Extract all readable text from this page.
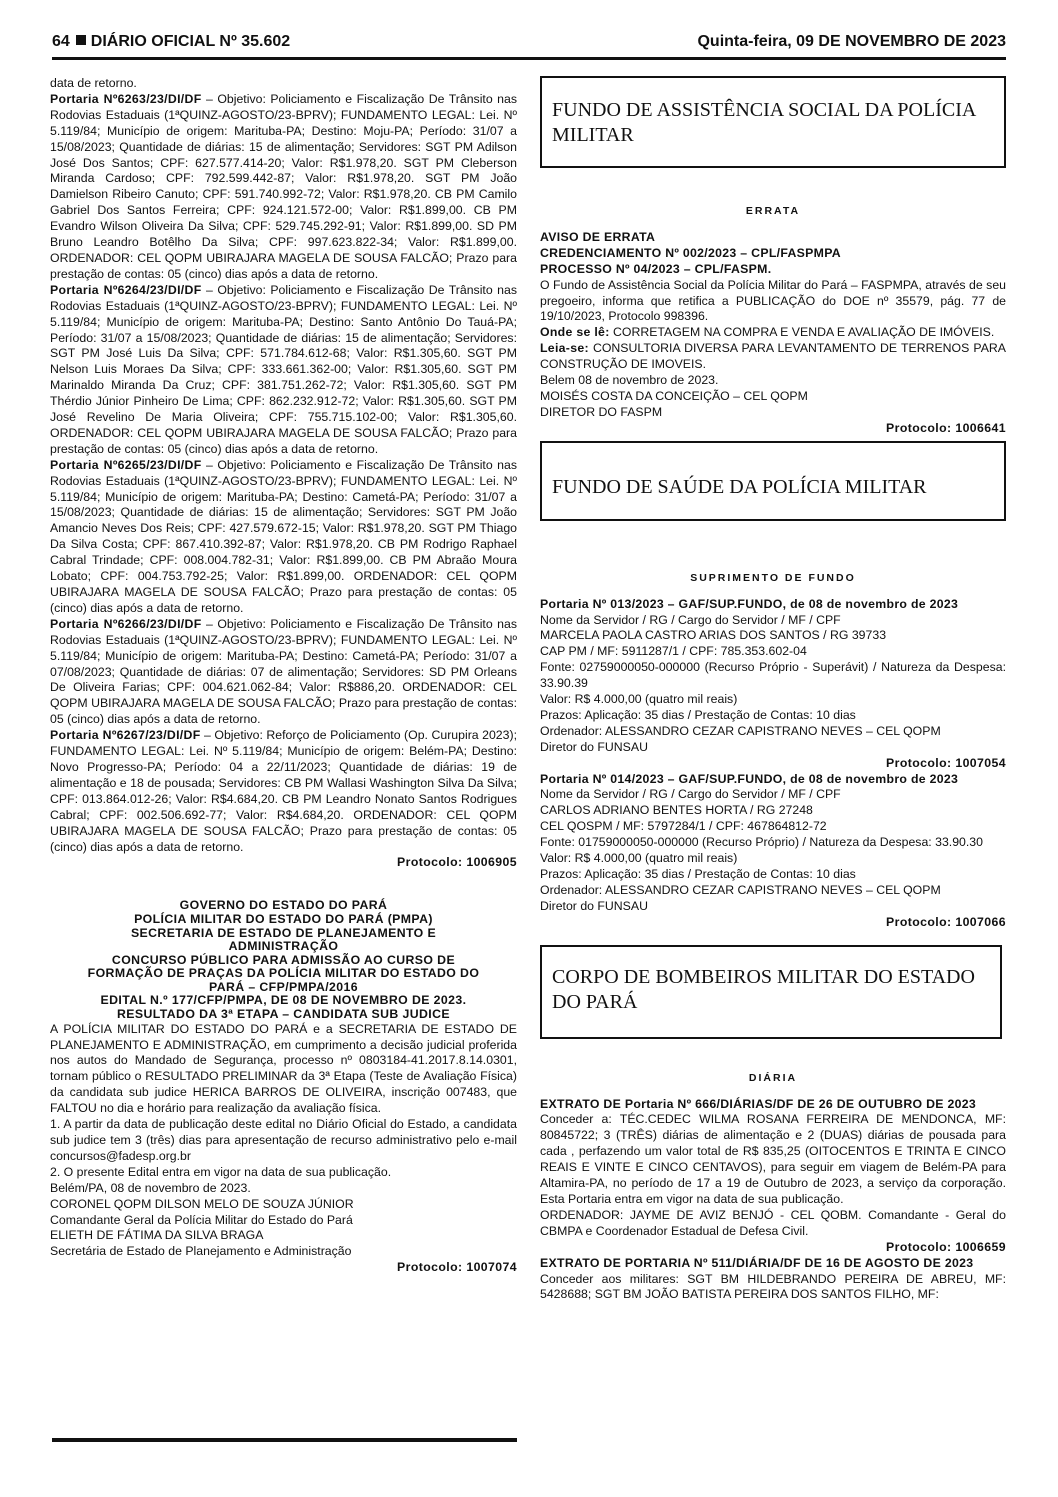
64 DIÁRIO OFICIAL Nº 35.602	Quinta-feira, 09 DE NOVEMBRO DE 2023

data de retorno.

Portaria Nº6263/23/DI/DF – Objetivo: Policiamento e Fiscalização De Trânsito nas Rodovias Estaduais (1ªQUINZ-AGOSTO/23-BPRV); FUNDAMENTO LEGAL: Lei. Nº 5.119/84; Município de origem: Marituba-PA; Destino: Moju-PA; Período: 31/07 a 15/08/2023; Quantidade de diárias: 15 de alimentação; Servidores: SGT PM Adilson José Dos Santos; CPF: 627.577.414-20; Valor: R$1.978,20. SGT PM Cleberson Miranda Cardoso; CPF: 792.599.442-87; Valor: R$1.978,20. SGT PM João Damielson Ribeiro Canuto; CPF: 591.740.992-72; Valor: R$1.978,20. CB PM Camilo Gabriel Dos Santos Ferreira; CPF: 924.121.572-00; Valor: R$1.899,00. CB PM Evandro Wilson Oliveira Da Silva; CPF: 529.745.292-91; Valor: R$1.899,00. SD PM Bruno Leandro Botêlho Da Silva; CPF: 997.623.822-34; Valor: R$1.899,00. ORDENADOR: CEL QOPM UBIRAJARA MAGELA DE SOUSA FALCÃO; Prazo para prestação de contas: 05 (cinco) dias após a data de retorno.

Portaria Nº6264/23/DI/DF – Objetivo: Policiamento e Fiscalização De Trânsito nas Rodovias Estaduais (1ªQUINZ-AGOSTO/23-BPRV); FUNDAMENTO LEGAL: Lei. Nº 5.119/84; Município de origem: Marituba-PA; Destino: Santo Antônio Do Tauá-PA; Período: 31/07 a 15/08/2023; Quantidade de diárias: 15 de alimentação; Servidores: SGT PM José Luis Da Silva; CPF: 571.784.612-68; Valor: R$1.305,60. SGT PM Nelson Luis Moraes Da Silva; CPF: 333.661.362-00; Valor: R$1.305,60. SGT PM Marinaldo Miranda Da Cruz; CPF: 381.751.262-72; Valor: R$1.305,60. SGT PM Thérdio Júnior Pinheiro De Lima; CPF: 862.232.912-72; Valor: R$1.305,60. SGT PM José Revelino De Maria Oliveira; CPF: 755.715.102-00; Valor: R$1.305,60. ORDENADOR: CEL QOPM UBIRAJARA MAGELA DE SOUSA FALCÃO; Prazo para prestação de contas: 05 (cinco) dias após a data de retorno.

Portaria Nº6265/23/DI/DF – Objetivo: Policiamento e Fiscalização De Trânsito nas Rodovias Estaduais (1ªQUINZ-AGOSTO/23-BPRV); FUNDAMENTO LEGAL: Lei. Nº 5.119/84; Município de origem: Marituba-PA; Destino: Cametá-PA; Período: 31/07 a 15/08/2023; Quantidade de diárias: 15 de alimentação; Servidores: SGT PM João Amancio Neves Dos Reis; CPF: 427.579.672-15; Valor: R$1.978,20. SGT PM Thiago Da Silva Costa; CPF: 867.410.392-87; Valor: R$1.978,20. CB PM Rodrigo Raphael Cabral Trindade; CPF: 008.004.782-31; Valor: R$1.899,00. CB PM Abraão Moura Lobato; CPF: 004.753.792-25; Valor: R$1.899,00. ORDENADOR: CEL QOPM UBIRAJARA MAGELA DE SOUSA FALCÃO; Prazo para prestação de contas: 05 (cinco) dias após a data de retorno.

Portaria Nº6266/23/DI/DF – Objetivo: Policiamento e Fiscalização De Trânsito nas Rodovias Estaduais (1ªQUINZ-AGOSTO/23-BPRV); FUNDAMENTO LEGAL: Lei. Nº 5.119/84; Município de origem: Marituba-PA; Destino: Cametá-PA; Período: 31/07 a 07/08/2023; Quantidade de diárias: 07 de alimentação; Servidores: SD PM Orleans De Oliveira Farias; CPF: 004.621.062-84; Valor: R$886,20. ORDENADOR: CEL QOPM UBIRAJARA MAGELA DE SOUSA FALCÃO; Prazo para prestação de contas: 05 (cinco) dias após a data de retorno.

Portaria Nº6267/23/DI/DF – Objetivo: Reforço de Policiamento (Op. Curupira 2023); FUNDAMENTO LEGAL: Lei. Nº 5.119/84; Município de origem: Belém-PA; Destino: Novo Progresso-PA; Período: 04 a 22/11/2023; Quantidade de diárias: 19 de alimentação e 18 de pousada; Servidores: CB PM Wallasi Washington Silva Da Silva; CPF: 013.864.012-26; Valor: R$4.684,20. CB PM Leandro Nonato Santos Rodrigues Cabral; CPF: 002.506.692-77; Valor: R$4.684,20. ORDENADOR: CEL QOPM UBIRAJARA MAGELA DE SOUSA FALCÃO; Prazo para prestação de contas: 05 (cinco) dias após a data de retorno.

Protocolo: 1006905

GOVERNO DO ESTADO DO PARÁ
POLÍCIA MILITAR DO ESTADO DO PARÁ (PMPA)
SECRETARIA DE ESTADO DE PLANEJAMENTO E
ADMINISTRAÇÃO
CONCURSO PÚBLICO PARA ADMISSÃO AO CURSO DE
FORMAÇÃO DE PRAÇAS DA POLÍCIA MILITAR DO ESTADO DO
PARÁ – CFP/PMPA/2016
EDITAL N.º 177/CFP/PMPA, DE 08 DE NOVEMBRO DE 2023.
RESULTADO DA 3ª ETAPA – CANDIDATA SUB JUDICE

A POLÍCIA MILITAR DO ESTADO DO PARÁ e a SECRETARIA DE ESTADO DE PLANEJAMENTO E ADMINISTRAÇÃO, em cumprimento a decisão judicial proferida nos autos do Mandado de Segurança, processo nº 0803184-41.2017.8.14.0301, tornam público o RESULTADO PRELIMINAR da 3ª Etapa (Teste de Avaliação Física) da candidata sub judice HERICA BARROS DE OLIVEIRA, inscrição 007483, que FALTOU no dia e horário para realização da avaliação física.

1. A partir da data de publicação deste edital no Diário Oficial do Estado, a candidata sub judice tem 3 (três) dias para apresentação de recurso administrativo pelo e-mail concursos@fadesp.org.br

2. O presente Edital entra em vigor na data de sua publicação.

Belém/PA, 08 de novembro de 2023.

CORONEL QOPM DILSON MELO DE SOUZA JÚNIOR

Comandante Geral da Polícia Militar do Estado do Pará

ELIETH DE FÁTIMA DA SILVA BRAGA

Secretária de Estado de Planejamento e Administração

Protocolo: 1007074

FUNDO DE ASSISTÊNCIA SOCIAL DA POLÍCIA MILITAR

ERRATA

AVISO DE ERRATA

CREDENCIAMENTO Nº 002/2023 – CPL/FASPMPA

PROCESSO Nº 04/2023 – CPL/FASPM.

O Fundo de Assistência Social da Polícia Militar do Pará – FASPMPA, através de seu pregoeiro, informa que retifica a PUBLICAÇÃO do DOE nº 35579, pág. 77 de 19/10/2023, Protocolo 998396.

Onde se lê: CORRETAGEM NA COMPRA E VENDA E AVALIAÇÃO DE IMÓVEIS.

Leia-se: CONSULTORIA DIVERSA PARA LEVANTAMENTO DE TERRENOS PARA CONSTRUÇÃO DE IMOVEIS.

Belem 08 de novembro de 2023.

MOISÉS COSTA DA CONCEIÇÃO – CEL QOPM

DIRETOR DO FASPM

Protocolo: 1006641

FUNDO DE SAÚDE DA POLÍCIA MILITAR

SUPRIMENTO DE FUNDO

Portaria Nº 013/2023 – GAF/SUP.FUNDO, de 08 de novembro de 2023

Nome da Servidor / RG / Cargo do Servidor / MF / CPF

MARCELA PAOLA CASTRO ARIAS DOS SANTOS / RG 39733

CAP PM / MF: 5911287/1 / CPF: 785.353.602-04

Fonte: 02759000050-000000 (Recurso Próprio - Superávit) / Natureza da Despesa: 33.90.39

Valor: R$ 4.000,00 (quatro mil reais)

Prazos: Aplicação: 35 dias / Prestação de Contas: 10 dias

Ordenador: ALESSANDRO CEZAR CAPISTRANO NEVES – CEL QOPM

Diretor do FUNSAU

Protocolo: 1007054

Portaria Nº 014/2023 – GAF/SUP.FUNDO, de 08 de novembro de 2023

Nome da Servidor / RG / Cargo do Servidor / MF / CPF

CARLOS ADRIANO BENTES HORTA / RG 27248

CEL QOSPM / MF: 5797284/1 / CPF: 467864812-72

Fonte: 01759000050-000000 (Recurso Próprio) / Natureza da Despesa: 33.90.30

Valor: R$ 4.000,00 (quatro mil reais)

Prazos: Aplicação: 35 dias / Prestação de Contas: 10 dias

Ordenador: ALESSANDRO CEZAR CAPISTRANO NEVES – CEL QOPM

Diretor do FUNSAU

Protocolo: 1007066

CORPO DE BOMBEIROS MILITAR DO ESTADO DO PARÁ

DIÁRIA

EXTRATO DE Portaria Nº 666/DIÁRIAS/DF DE 26 DE OUTUBRO DE 2023

Conceder a: TÉC.CEDEC WILMA ROSANA FERREIRA DE MENDONCA, MF: 80845722; 3 (TRÊS) diárias de alimentação e 2 (DUAS) diárias de pousada para cada , perfazendo um valor total de R$ 835,25 (OITOCENTOS E TRINTA E CINCO REAIS E VINTE E CINCO CENTAVOS), para seguir em viagem de Belém-PA para Altamira-PA, no período de 17 a 19 de Outubro de 2023, a serviço da corporação. Esta Portaria entra em vigor na data de sua publicação.

ORDENADOR: JAYME DE AVIZ BENJÓ - CEL QOBM. Comandante - Geral do CBMPA e Coordenador Estadual de Defesa Civil.

Protocolo: 1006659

EXTRATO DE PORTARIA Nº 511/DIÁRIA/DF DE 16 DE AGOSTO DE 2023

Conceder aos militares: SGT BM HILDEBRANDO PEREIRA DE ABREU, MF: 5428688; SGT BM JOÃO BATISTA PEREIRA DOS SANTOS FILHO, MF:
